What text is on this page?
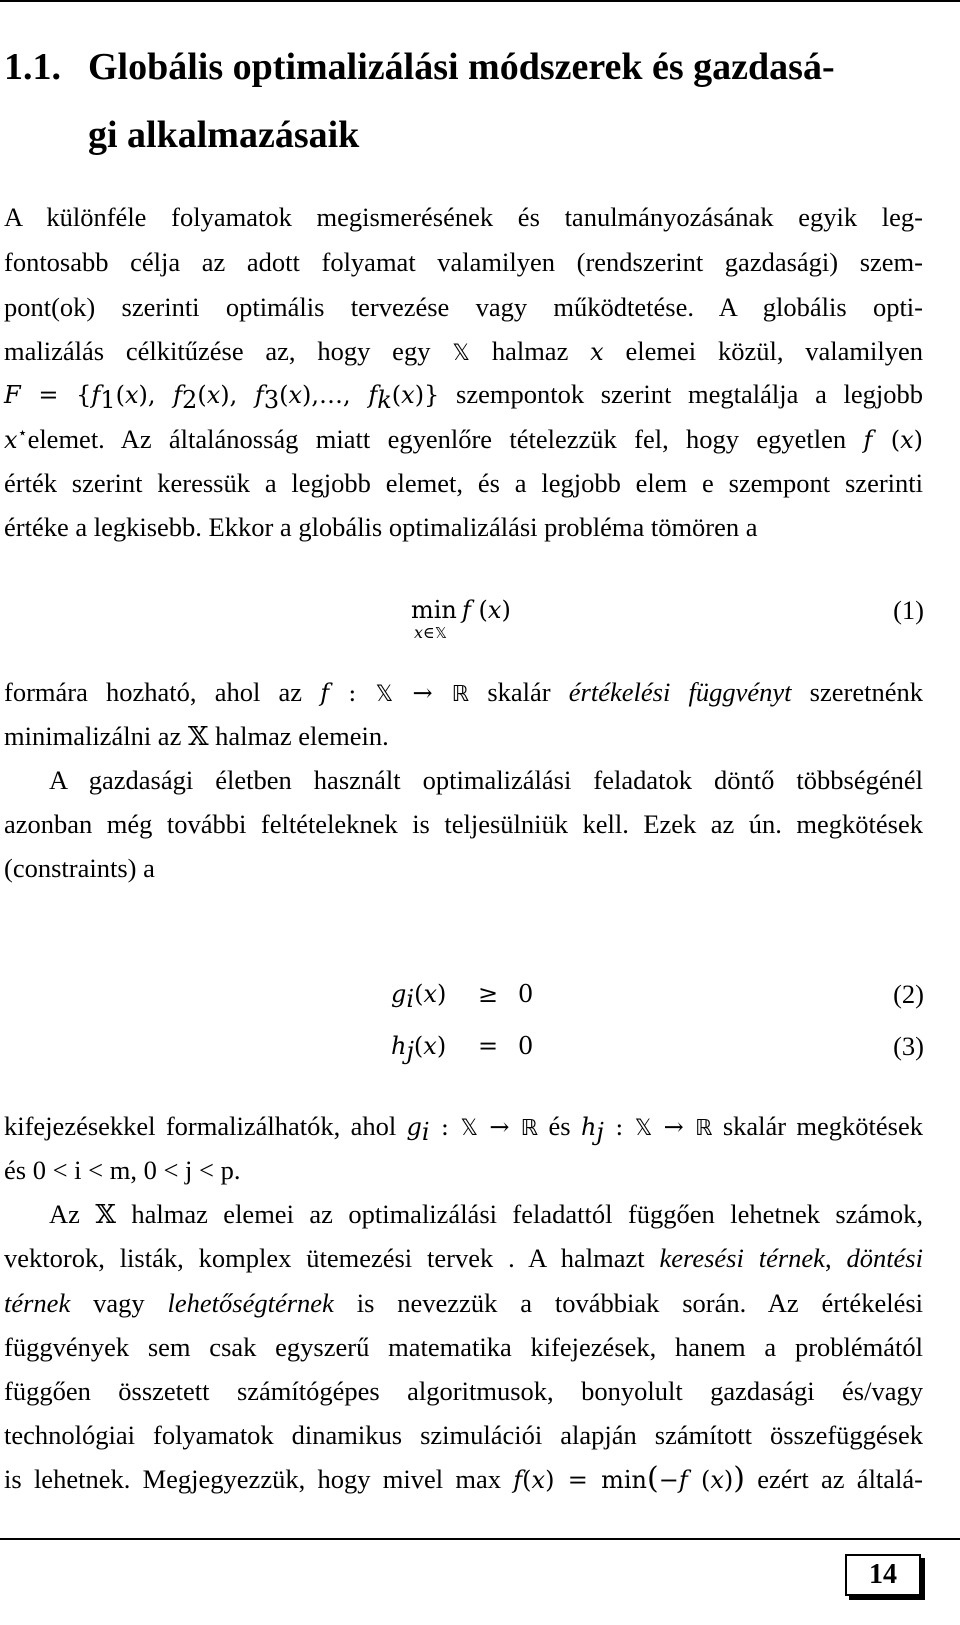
1.1. Globális optimalizálási módszerek és gazdasá-
gi alkalmazásaik
A különféle folyamatok megismerésének és tanulmányozásának egyik leg-
fontosabb célja az adott folyamat valamilyen (rendszerint gazdasági) szem-
pont(ok) szerinti optimális tervezése vagy működtetése. A globális opti-
malizálás célkitűzése az, hogy egy 𝕏 halmaz x elemei közül, valamilyen
$F = \{f_1(x)$, $f_2(x)$, $f_3(x),\dots$, $f_k(x)$} szempontok szerint megtalálja a legjobb
x⋆elemet. Az általánosság miatt egyenlőre tételezzük fel, hogy egyetlen f (x)
érték szerint keressük a legjobb elemet, és a legjobb elem e szempont szerinti
értéke a legkisebb. Ekkor a globális optimalizálási probléma tömören a
min f (x)
x∈𝕏
(1)
formára hozható, ahol az f : 𝕏 → ℝ skalár értékelési függvényt szeretnénk
minimalizálni az 𝕏 halmaz elemein.
A gazdasági életben használt optimalizálási feladatok döntő többségénél
azonban még további feltételeknek is teljesülniük kell. Ezek az ún. megkötések
(constraints) a
$g_i(x) \ge 0$	(2)
$h_j(x) = 0$	(3)
kifejezésekkel formalizálhatók, ahol $g_i$ : 𝕏 → ℝ és $h_j$ : 𝕏 → ℝ skalár megkötések
és 0 < i < m, 0 < j < p.
Az 𝕏 halmaz elemei az optimalizálási feladattól függően lehetnek számok,
vektorok, listák, komplex ütemezési tervek . A halmazt keresési térnek, döntési
térnek vagy lehetőségtérnek is nevezzük a továbbiak során. Az értékelési
függvények sem csak egyszerű matematika kifejezések, hanem a problémától
függően összetett számítógépes algoritmusok, bonyolult gazdasági és/vagy
technológiai folyamatok dinamikus szimulációi alapján számított összefüggések
is lehetnek. Megjegyezzük, hogy mivel max f(x) = min(−f (x)) ezért az általá-
14
